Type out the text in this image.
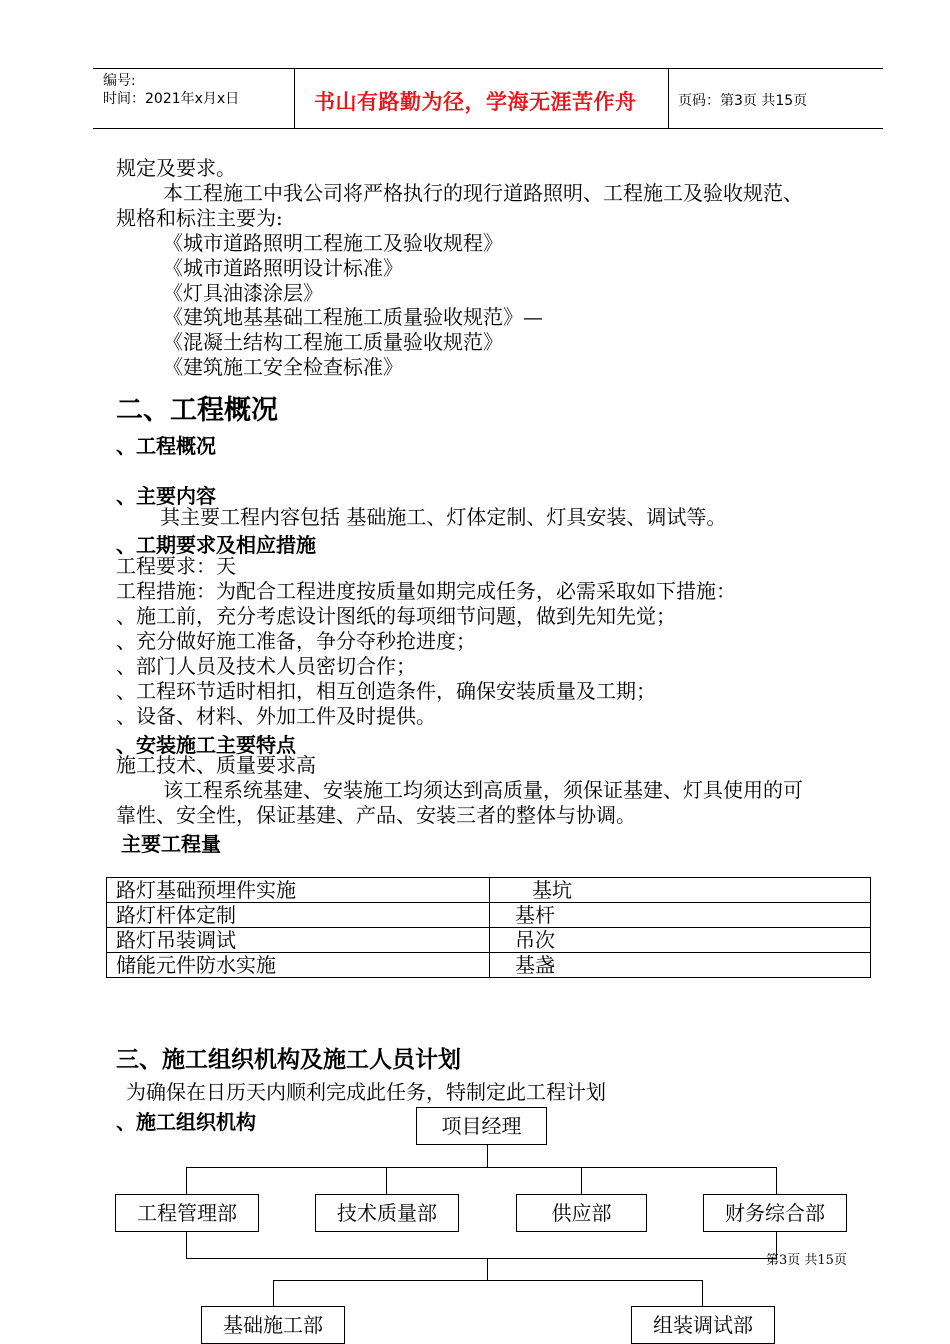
编号:
时间：2021年x月x日	书山有路勤为径，学海无涯苦作舟	页码：第3页 共15页
规定及要求。
本工程施工中我公司将严格执行的现行道路照明、工程施工及验收规范、
规格和标注主要为:
《城市道路照明工程施工及验收规程》
《城市道路照明设计标准》
《灯具油漆涂层》
《建筑地基基础工程施工质量验收规范》—
《混凝土结构工程施工质量验收规范》
《建筑施工安全检查标准》
二、工程概况
、工程概况
、主要内容
其主要工程内容包括 基础施工、灯体定制、灯具安装、调试等。
、工期要求及相应措施
工程要求：天
工程措施：为配合工程进度按质量如期完成任务，必需采取如下措施：
、施工前，充分考虑设计图纸的每项细节问题，做到先知先觉；
、充分做好施工准备，争分夺秒抢进度；
、部门人员及技术人员密切合作；
、工程环节适时相扣，相互创造条件，确保安装质量及工期；
、设备、材料、外加工件及时提供。
、安装施工主要特点
施工技术、质量要求高
该工程系统基建、安装施工均须达到高质量，须保证基建、灯具使用的可
靠性、安全性，保证基建、产品、安装三者的整体与协调。
主要工程量
路灯基础预埋件实施	基坑
路灯杆体定制	基杆
路灯吊装调试	吊次
储能元件防水实施	基盏
三、施工组织机构及施工人员计划
为确保在日历天内顺利完成此任务，特制定此工程计划
、施工组织机构	项目经理
工程管理部	技术质量部	供应部	财务综合部
基础施工部	组装调试部
第3页 共15页
